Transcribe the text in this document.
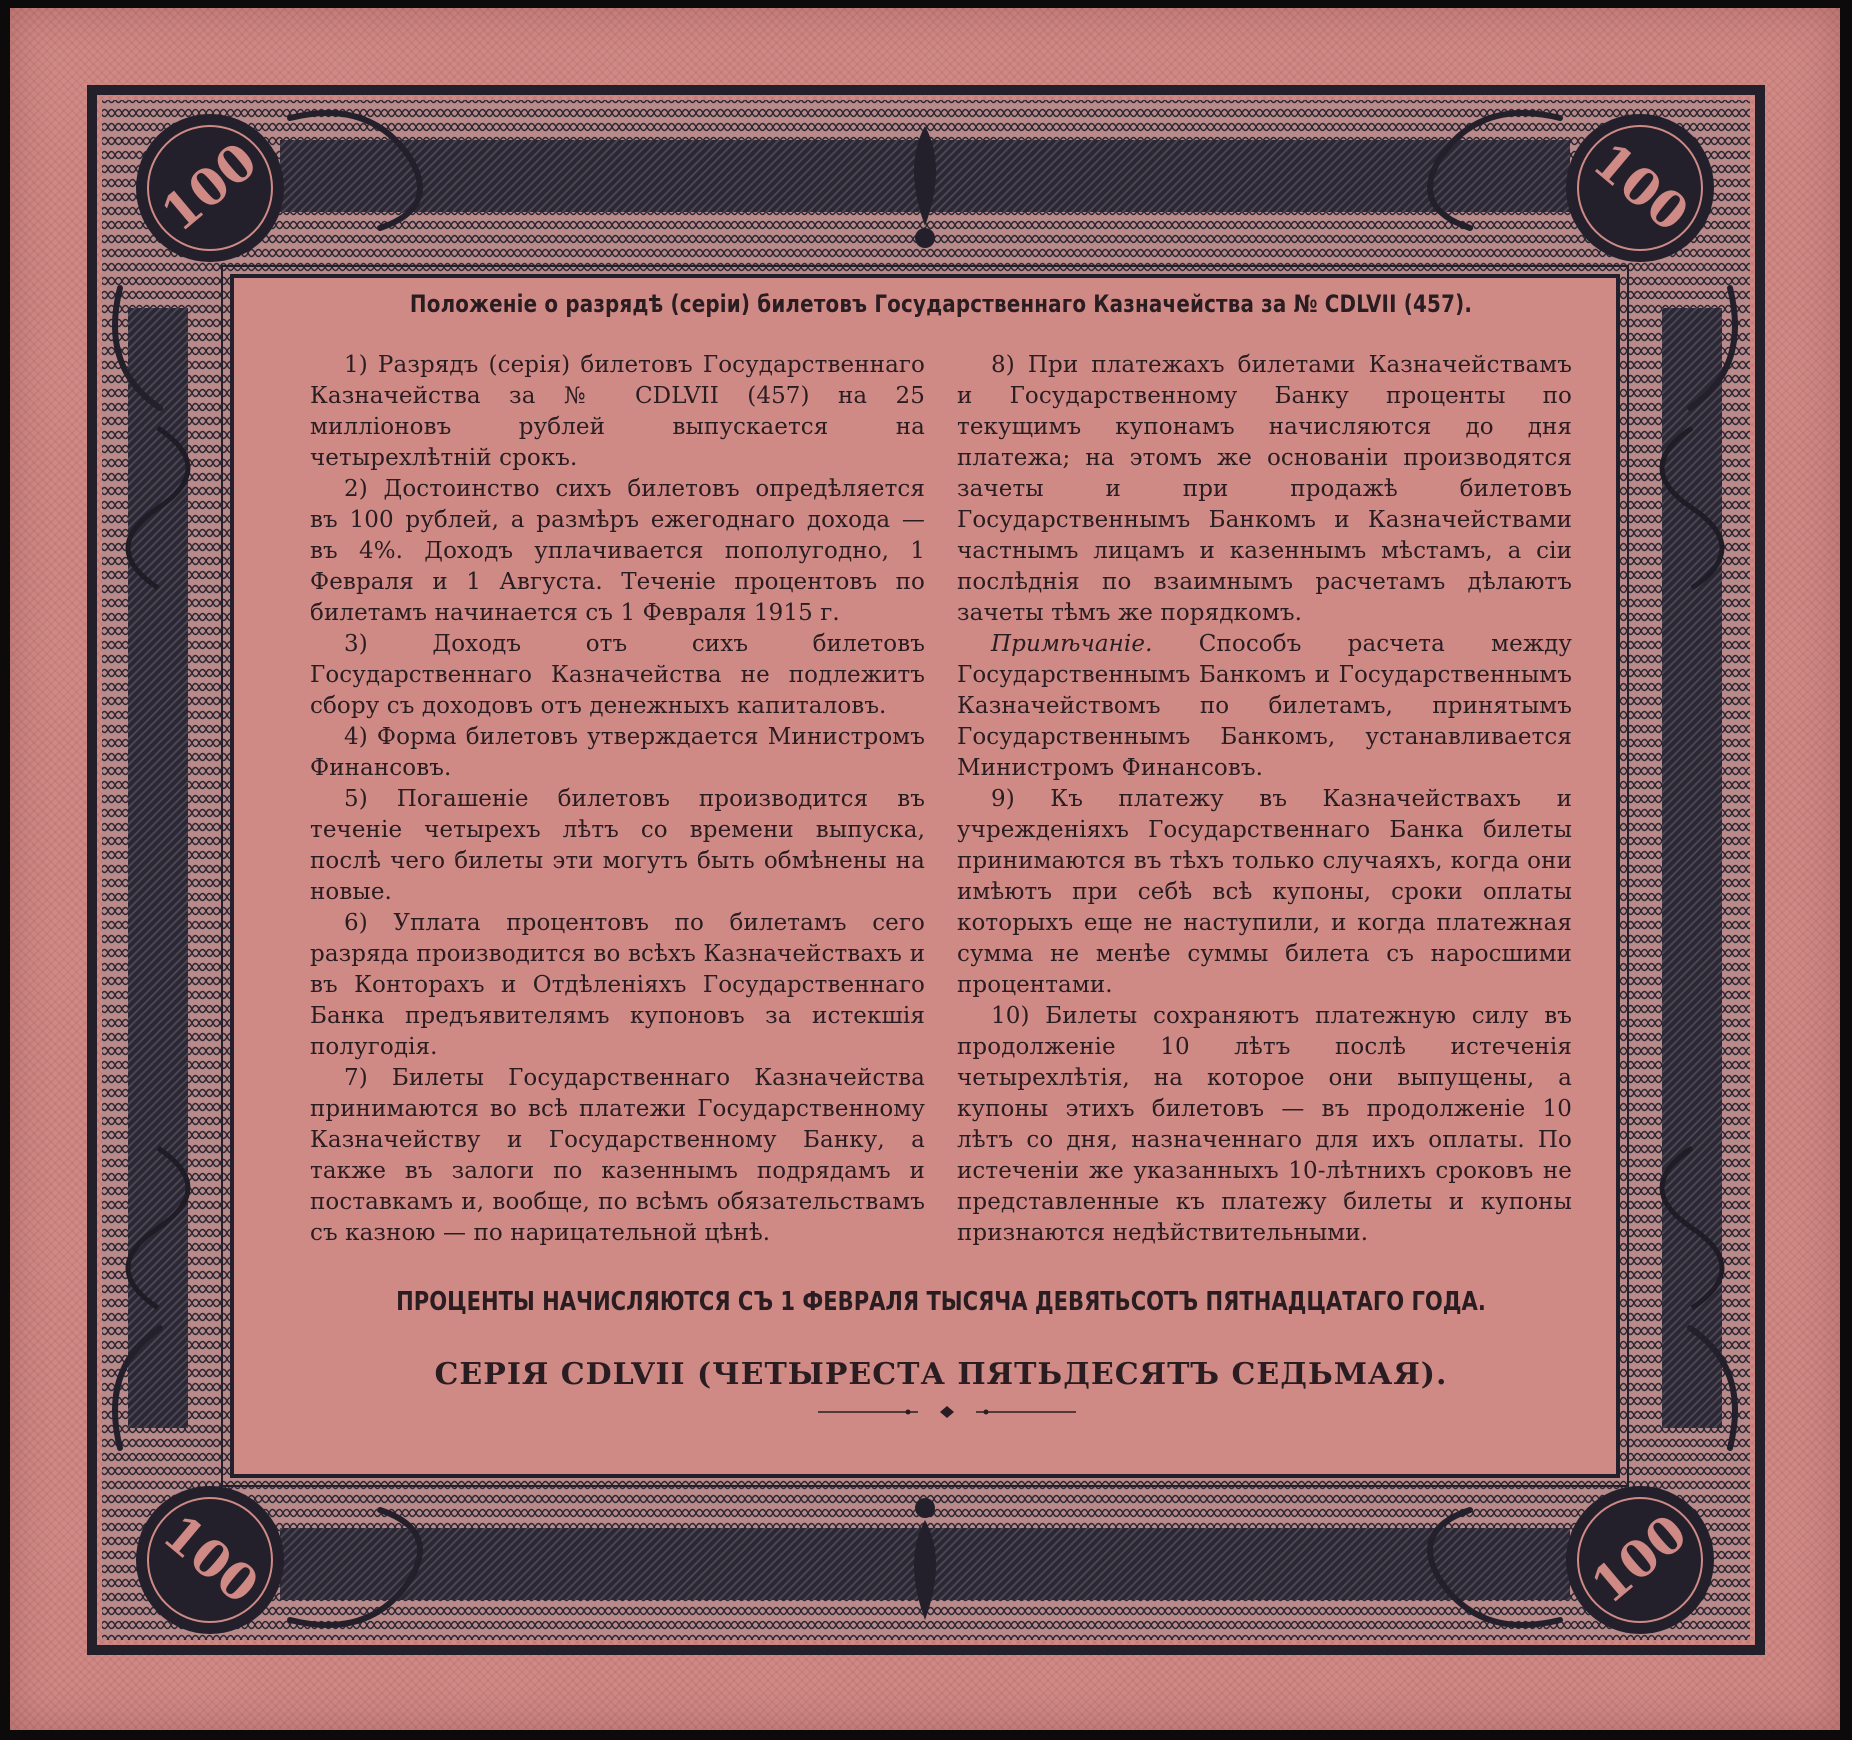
100	100
100	100
Положенiе о разрядѣ (серiи) билетовъ Государственнаго Казначейства за № CDLVII (457).

1) Разрядъ (серiя) билетовъ Государственнаго Казначейства за № CDLVII (457) на 25 миллiоновъ рублей выпускается на четырехлѣтнiй срокъ.

2) Достоинство сихъ билетовъ опредѣляется въ 100 рублей, а размѣръ ежегоднаго дохода — въ 4%. Доходъ уплачивается пополугодно, 1 Февраля и 1 Августа. Теченiе процентовъ по билетамъ начинается съ 1 Февраля 1915 г.

3) Доходъ отъ сихъ билетовъ Государственнаго Казначейства не подлежитъ сбору съ доходовъ отъ денежныхъ капиталовъ.

4) Форма билетовъ утверждается Министромъ Финансовъ.

5) Погашенiе билетовъ производится въ теченiе четырехъ лѣтъ со времени выпуска, послѣ чего билеты эти могутъ быть обмѣнены на новые.

6) Уплата процентовъ по билетамъ сего разряда производится во всѣхъ Казначействахъ и въ Конторахъ и Отдѣленiяхъ Государственнаго Банка предъявителямъ купоновъ за истекшiя полугодiя.

7) Билеты Государственнаго Казначейства принимаются во всѣ платежи Государственному Казначейству и Государственному Банку, а также въ залоги по казеннымъ подрядамъ и поставкамъ и, вообще, по всѣмъ обязательствамъ съ казною — по нарицательной цѣнѣ.

8) При платежахъ билетами Казначействамъ и Государственному Банку проценты по текущимъ купонамъ начисляются до дня платежа; на этомъ же основанiи производятся зачеты и при продажѣ билетовъ Государственнымъ Банкомъ и Казначействами частнымъ лицамъ и казеннымъ мѣстамъ, а сiи послѣднiя по взаимнымъ расчетамъ дѣлаютъ зачеты тѣмъ же порядкомъ.

Примѣчанiе. Способъ расчета между Государственнымъ Банкомъ и Государственнымъ Казначействомъ по билетамъ, принятымъ Государственнымъ Банкомъ, устанавливается Министромъ Финансовъ.

9) Къ платежу въ Казначействахъ и учрежденiяхъ Государственнаго Банка билеты принимаются въ тѣхъ только случаяхъ, когда они имѣютъ при себѣ всѣ купоны, сроки оплаты которыхъ еще не наступили, и когда платежная сумма не менѣе суммы билета съ наросшими процентами.

10) Билеты сохраняютъ платежную силу въ продолженiе 10 лѣтъ послѣ истеченiя четырехлѣтiя, на которое они выпущены, а купоны этихъ билетовъ — въ продолженiе 10 лѣтъ со дня, назначеннаго для ихъ оплаты. По истеченiи же указанныхъ 10-лѣтнихъ сроковъ не представленные къ платежу билеты и купоны признаются недѣйствительными.

ПРОЦЕНТЫ НАЧИСЛЯЮТСЯ СЪ 1 ФЕВРАЛЯ ТЫСЯЧА ДЕВЯТЬСОТЪ ПЯТНАДЦАТАГО ГОДА.
СЕРIЯ CDLVII (ЧЕТЫРЕСТА ПЯТЬДЕСЯТЪ СЕДЬМАЯ).
